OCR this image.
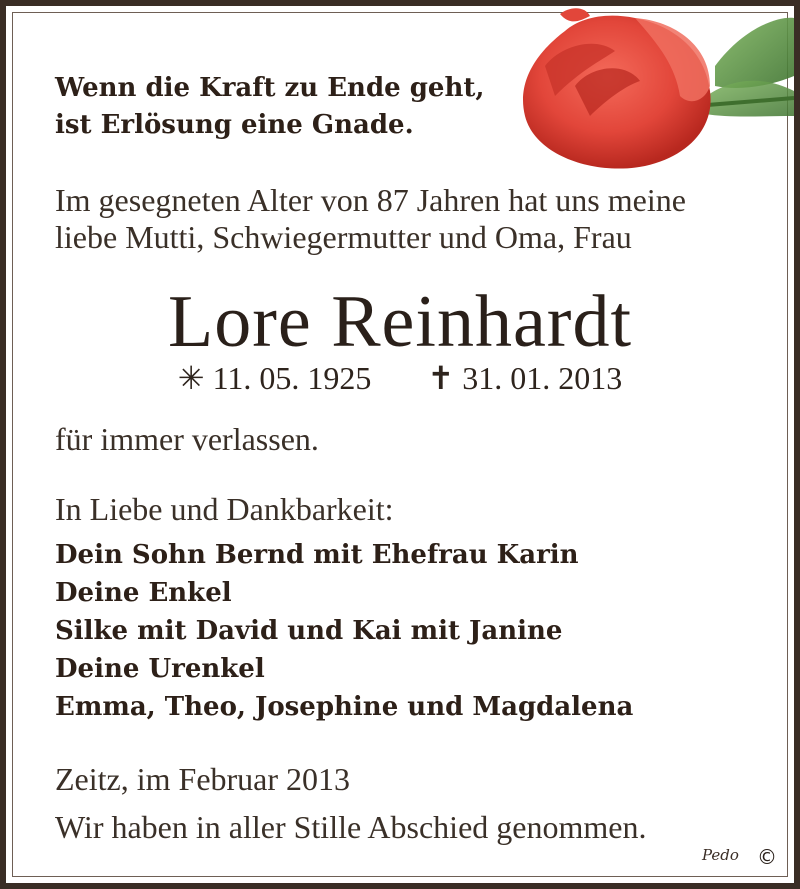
Wenn die Kraft zu Ende geht,
ist Erlösung eine Gnade.
Im gesegneten Alter von 87 Jahren hat uns meine
liebe Mutti, Schwiegermutter und Oma, Frau
Lore Reinhardt
✳ 11. 05. 1925 ✝ 31. 01. 2013
für immer verlassen.
In Liebe und Dankbarkeit:
Dein Sohn Bernd mit Ehefrau Karin
Deine Enkel
Silke mit David und Kai mit Janine
Deine Urenkel
Emma, Theo, Josephine und Magdalena
Zeitz, im Februar 2013
Wir haben in aller Stille Abschied genommen.
Pedo ©
